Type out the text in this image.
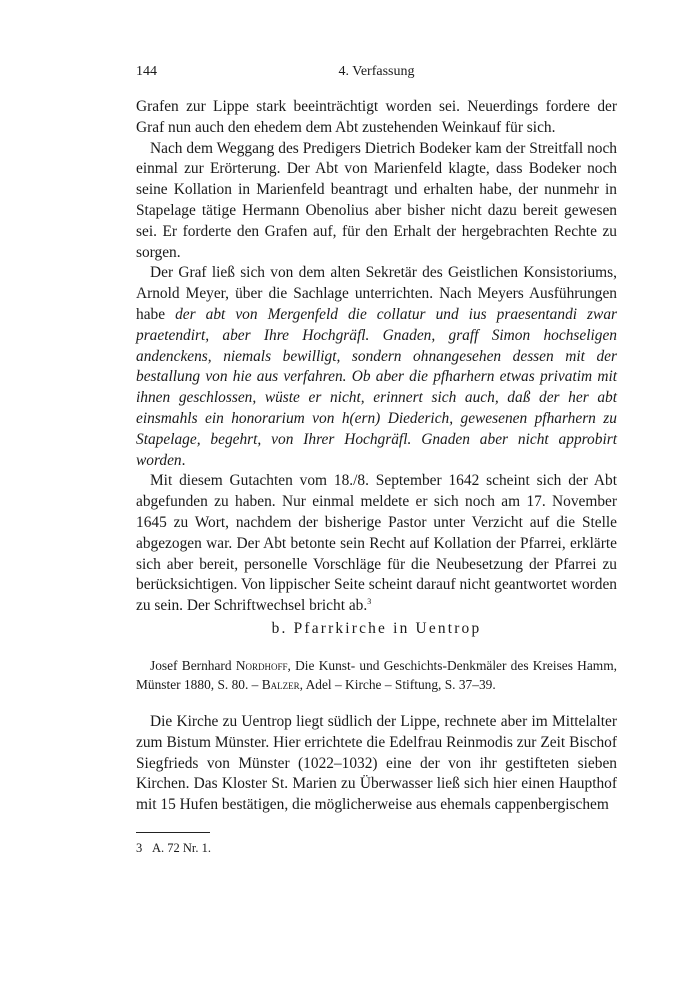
144	4. Verfassung

Grafen zur Lippe stark beeinträchtigt worden sei. Neuerdings fordere der Graf nun auch den ehedem dem Abt zustehenden Weinkauf für sich.

Nach dem Weggang des Predigers Dietrich Bodeker kam der Streitfall noch einmal zur Erörterung. Der Abt von Marienfeld klagte, dass Bodeker noch seine Kollation in Marienfeld beantragt und erhalten habe, der nunmehr in Stapelage tätige Hermann Obenolius aber bisher nicht dazu bereit gewesen sei. Er forderte den Grafen auf, für den Erhalt der hergebrachten Rechte zu sorgen.

Der Graf ließ sich von dem alten Sekretär des Geistlichen Konsistoriums, Arnold Meyer, über die Sachlage unterrichten. Nach Meyers Ausführungen habe der abt von Mergenfeld die collatur und ius praesentandi zwar praetendirt, aber Ihre Hochgräfl. Gnaden, graff Simon hochseligen andenckens, niemals bewilligt, sondern ohnangesehen dessen mit der bestallung von hie aus verfahren. Ob aber die pfharhern etwas privatim mit ihnen geschlossen, wüste er nicht, erinnert sich auch, daß der her abt einsmahls ein honorarium von h(ern) Diederich, gewesenen pfharhern zu Stapelage, begehrt, von Ihrer Hochgräfl. Gnaden aber nicht approbirt worden.

Mit diesem Gutachten vom 18./8. September 1642 scheint sich der Abt abgefunden zu haben. Nur einmal meldete er sich noch am 17. November 1645 zu Wort, nachdem der bisherige Pastor unter Verzicht auf die Stelle abgezogen war. Der Abt betonte sein Recht auf Kollation der Pfarrei, erklärte sich aber bereit, personelle Vorschläge für die Neubesetzung der Pfarrei zu berücksichtigen. Von lippischer Seite scheint darauf nicht geantwortet worden zu sein. Der Schriftwechsel bricht ab.$^3$

b. Pfarrkirche in Uentrop

Josef Bernhard Nordhoff, Die Kunst- und Geschichts-Denkmäler des Kreises Hamm, Münster 1880, S. 80. – Balzer, Adel – Kirche – Stiftung, S. 37–39.

Die Kirche zu Uentrop liegt südlich der Lippe, rechnete aber im Mittelalter zum Bistum Münster. Hier errichtete die Edelfrau Reinmodis zur Zeit Bischof Siegfrieds von Münster (1022–1032) eine der von ihr gestifteten sieben Kirchen. Das Kloster St. Marien zu Überwasser ließ sich hier einen Haupthof mit 15 Hufen bestätigen, die möglicherweise aus ehemals cappenbergischem

3 A. 72 Nr. 1.
